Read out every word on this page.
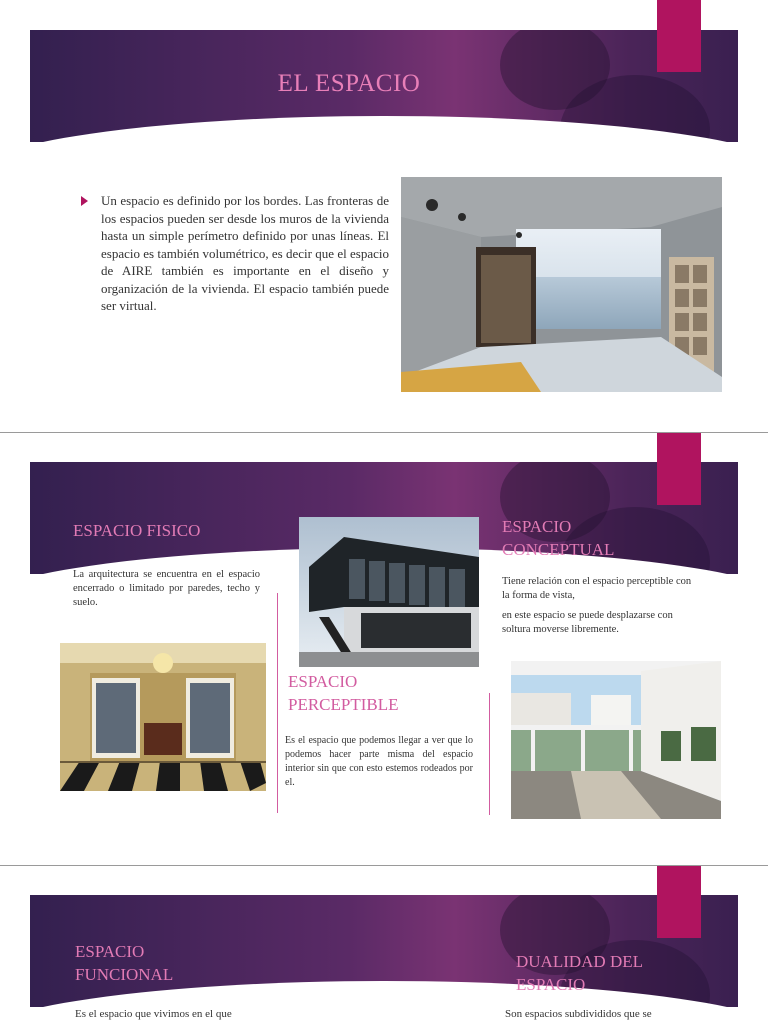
EL ESPACIO
Un espacio es definido por los bordes. Las fronteras de los espacios pueden ser desde los muros de la vivienda hasta un simple perímetro definido por unas líneas. El espacio es también volumétrico, es decir que el espacio de AIRE también es importante en el diseño y organización de la vivienda. El espacio también puede ser virtual.
ESPACIO FISICO
La arquitectura se encuentra en el espacio encerrado o limitado por paredes, techo y suelo.
ESPACIO
PERCEPTIBLE
Es el espacio que podemos llegar a ver que lo podemos hacer parte misma del espacio interior sin que con esto estemos rodeados por el.
ESPACIO
CONCEPTUAL
Tiene relación con el espacio perceptible con la forma de vista,
en este espacio se puede desplazarse con soltura moverse libremente.
ESPACIO
FUNCIONAL
Es el espacio que vivimos en el que
DUALIDAD DEL
ESPACIO
Son espacios subdivididos que se
